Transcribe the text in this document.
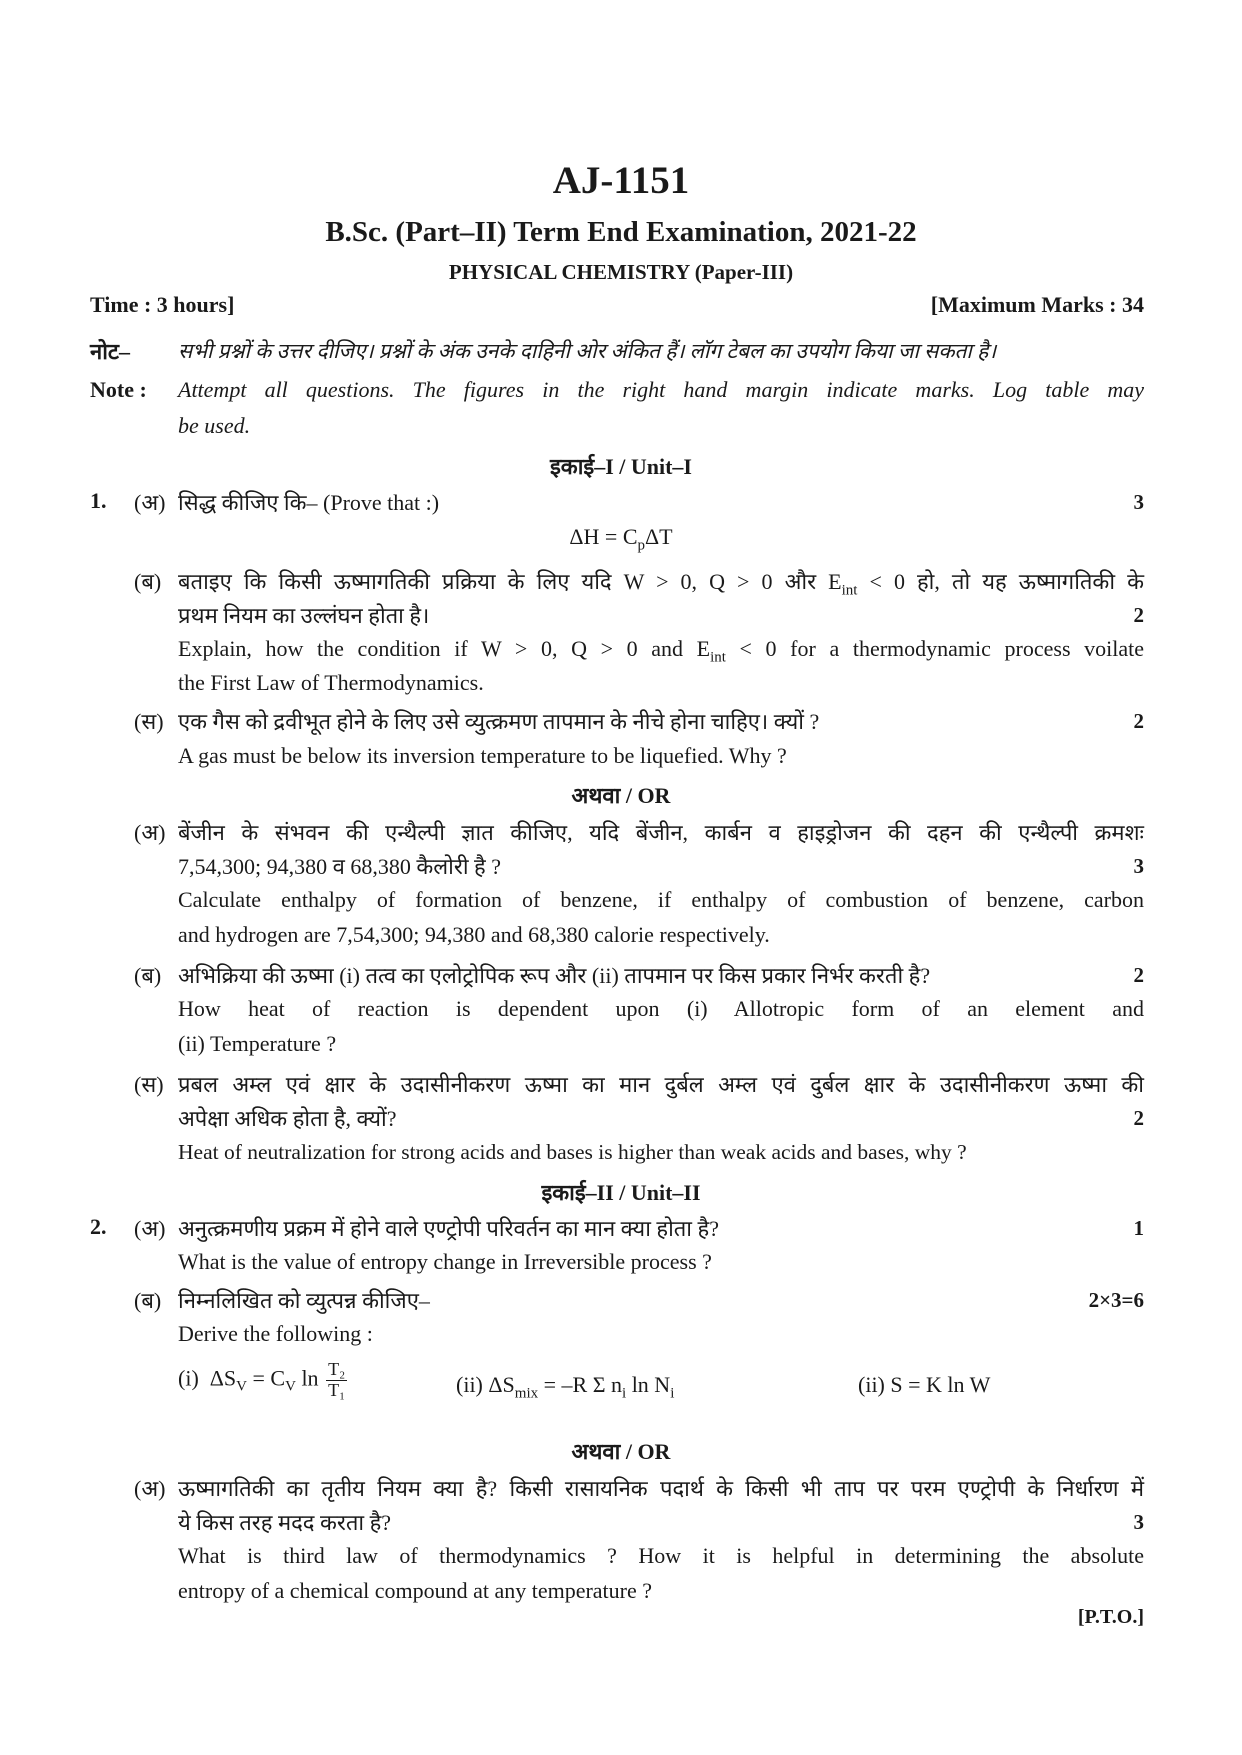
AJ-1151
B.Sc. (Part–II) Term End Examination, 2021-22
PHYSICAL CHEMISTRY (Paper-III)
Time : 3 hours]	[Maximum Marks : 34
नोट– सभी प्रश्नों के उत्तर दीजिए। प्रश्नों के अंक उनके दाहिनी ओर अंकित हैं। लॉग टेबल का उपयोग किया जा सकता है।
Note : Attempt all questions. The figures in the right hand margin indicate marks. Log table may
be used.
इकाई–I / Unit–I
1. (अ) सिद्ध कीजिए कि– (Prove that :)	3
$\Delta H = C_p\Delta T$
(ब) बताइए कि किसी ऊष्मागतिकी प्रक्रिया के लिए यदि W > 0, Q > 0 और $E_{int} < 0$ हो, तो यह ऊष्मागतिकी के
प्रथम नियम का उल्लंघन होता है।	2
Explain, how the condition if W > 0, Q > 0 and $E_{int} < 0$ for a thermodynamic process voilate
the First Law of Thermodynamics.
(स) एक गैस को द्रवीभूत होने के लिए उसे व्युत्क्रमण तापमान के नीचे होना चाहिए। क्यों ?	2
A gas must be below its inversion temperature to be liquefied. Why ?
अथवा / OR
(अ) बेंजीन के संभवन की एन्थैल्पी ज्ञात कीजिए, यदि बेंजीन, कार्बन व हाइड्रोजन की दहन की एन्थैल्पी क्रमशः
7,54,300; 94,380 व 68,380 कैलोरी है ?	3
Calculate enthalpy of formation of benzene, if enthalpy of combustion of benzene, carbon
and hydrogen are 7,54,300; 94,380 and 68,380 calorie respectively.
(ब) अभिक्रिया की ऊष्मा (i) तत्व का एलोट्रोपिक रूप और (ii) तापमान पर किस प्रकार निर्भर करती है?	2
How heat of reaction is dependent upon (i) Allotropic form of an element and
(ii) Temperature ?
(स) प्रबल अम्ल एवं क्षार के उदासीनीकरण ऊष्मा का मान दुर्बल अम्ल एवं दुर्बल क्षार के उदासीनीकरण ऊष्मा की
अपेक्षा अधिक होता है, क्यों?	2
Heat of neutralization for strong acids and bases is higher than weak acids and bases, why ?
इकाई–II / Unit–II
2. (अ) अनुत्क्रमणीय प्रक्रम में होने वाले एण्ट्रोपी परिवर्तन का मान क्या होता है?	1
What is the value of entropy change in Irreversible process ?
(ब) निम्नलिखित को व्युत्पन्न कीजिए–	2×3=6
Derive the following :
(i) $\Delta S_V = C_V$ $\ln \frac{\text{T₂}}{\text{T₁}}$	(ii) $\Delta S_{mix} = -R$ Σ $n_i$ $\ln N_i$	(ii) S = K ln W
अथवा / OR
(अ) ऊष्मागतिकी का तृतीय नियम क्या है? किसी रासायनिक पदार्थ के किसी भी ताप पर परम एण्ट्रोपी के निर्धारण में
ये किस तरह मदद करता है?	3
What is third law of thermodynamics ? How it is helpful in determining the absolute
entropy of a chemical compound at any temperature ?
[P.T.O.]
